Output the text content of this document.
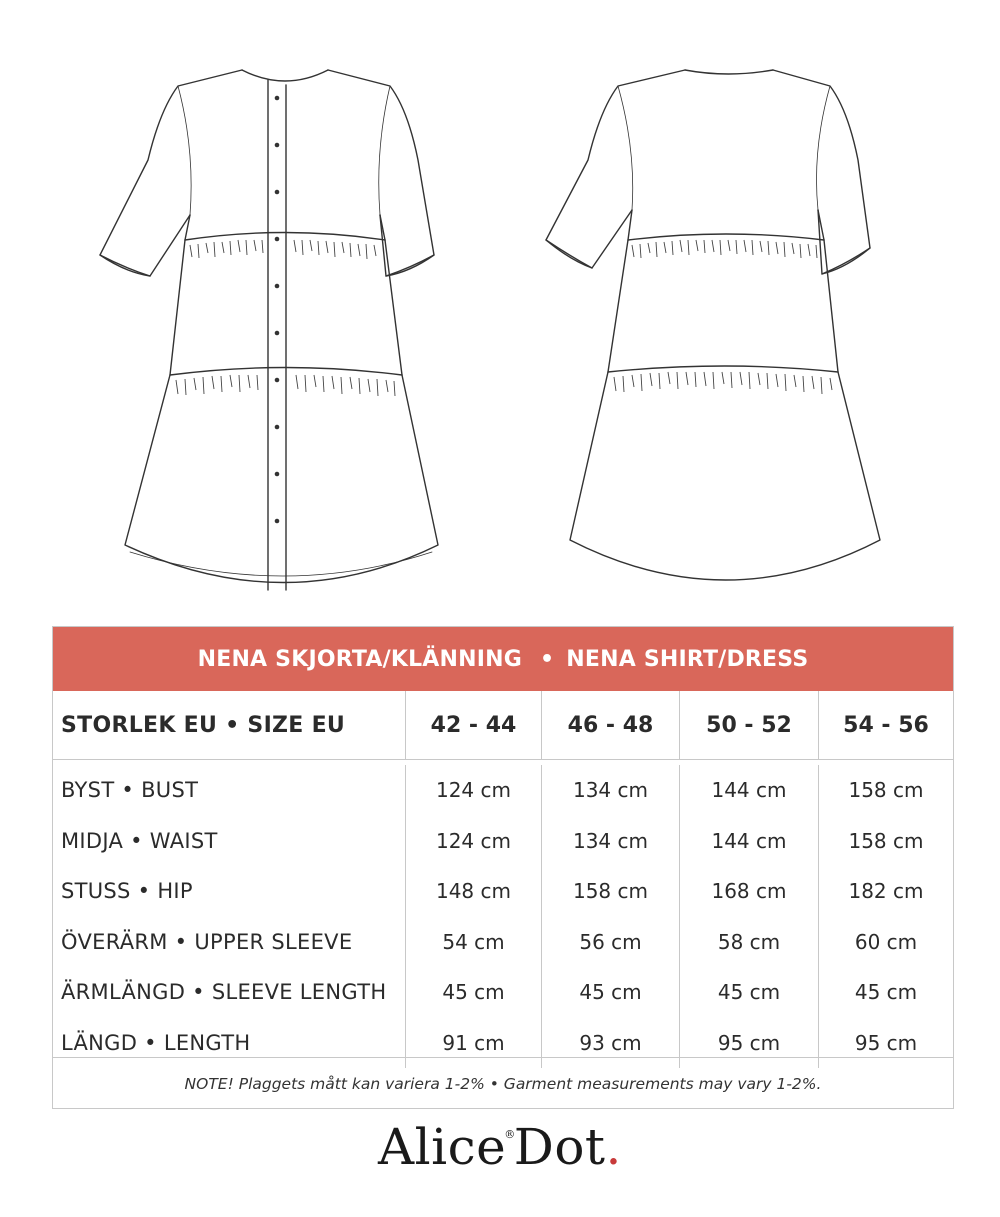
NENA SKJORTA/KLÄNNING • NENA SHIRT/DRESS
STORLEK EU • SIZE EU	42 - 44	46 - 48	50 - 52	54 - 56
BYST • BUST	124 cm	134 cm	144 cm	158 cm
MIDJA • WAIST	124 cm	134 cm	144 cm	158 cm
STUSS • HIP	148 cm	158 cm	168 cm	182 cm
ÖVERÄRM • UPPER SLEEVE	54 cm	56 cm	58 cm	60 cm
ÄRMLÄNGD • SLEEVE LENGTH	45 cm	45 cm	45 cm	45 cm
LÄNGD • LENGTH	91 cm	93 cm	95 cm	95 cm
NOTE! Plaggets mått kan variera 1-2% • Garment measurements may vary 1-2%.
Alice®Dot.
